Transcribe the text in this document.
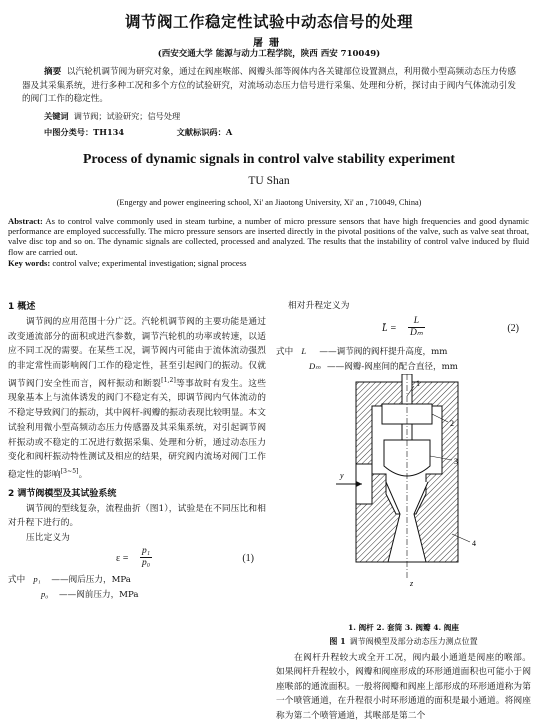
调节阀工作稳定性试验中动态信号的处理
屠珊
(西安交通大学 能源与动力工程学院，陕西 西安 710049)
摘要 以汽轮机调节阀为研究对象，通过在阀座喉部、阀瓣头部等阀体内各关键部位设置测点，利用微小型高频动态压力传感器及其采集系统，进行多种工况和多个方位的试验研究，对流场动态压力信号进行采集、处理和分析，探讨由于阀内气体流动引发的阀门工作的稳定性。
关键词 调节阀；试验研究；信号处理
中图分类号：TH134	文献标识码：A
Process of dynamic signals in control valve stability experiment
TU Shan
(Engergy and power engineering school, Xi' an Jiaotong University, Xi' an , 710049, China)
Abstract: As to control valve commonly used in steam turbine, a number of micro pressure sensors that have high frequencies and good dynamic performance are employed successfully. The micro pressure sensors are inserted directly in the pivotal positions of the valve, such as valve seat throat, valve disc top and so on. The dynamic signals are collected, processed and analyzed. The results that the instability of control valve induced by fluid flow are carried out.
Key words: control valve; experimental investigation; signal process
1 概述

调节阀的应用范围十分广泛。汽轮机调节阀的主要功能是通过改变通流部分的面积或进汽参数，调节汽轮机的功率或转速，以适应不同工况的需要。在某些工况，调节阀内可能由于流体流动强烈的非定常性而影响阀门工作的稳定性，甚至引起阀门的振动。仅就调节阀门安全性而言，阀杆振动和断裂[1,2]等事故时有发生。这些现象基本上与流体诱发的阀门不稳定有关，即调节阀内气体流动的不稳定导致阀门的振动，其中阀杆-阀瓣的振动表现比较明显。本文试验利用微小型高频动态压力传感器及其采集系统，对引起调节阀杆振动或不稳定的工况进行数据采集、处理和分析，通过动态压力变化和阀杆振动特性测试及相应的结果，研究阀内流场对阀门工作稳定性的影响[3~5]。

2 调节阀模型及其试验系统

调节阀的型线复杂，流程曲折（图1），试验是在不同压比和相对升程下进行的。

压比定义为

ε =
p₁
p₀	(1)
式中 p₁ ——阀后压力，MPa
p₀ ——阀前压力，MPa

相对升程定义为

L̄ =
L
Dₘ	(2)
式中 L ——调节阀的阀杆提升高度，mm
Dₘ ——阀瓣-阀座间的配合直径，mm
1
2
3
4
y
z
1. 阀杆 2. 套筒 3. 阀瓣 4. 阀座
图 1 调节阀模型及部分动态压力测点位置

在阀杆升程较大或全开工况，阀内最小通道是阀座的喉部。如果阀杆升程较小，阀瓣和阀座形成的环形通道面积也可能小于阀座喉部的通流面积。一般将阀瓣和阀座上部形成的环形通道称为第一个喷管通道，在升程很小时环形通道的面积是最小通道。将阀座称为第二个喷管通道，其喉部是第二个
